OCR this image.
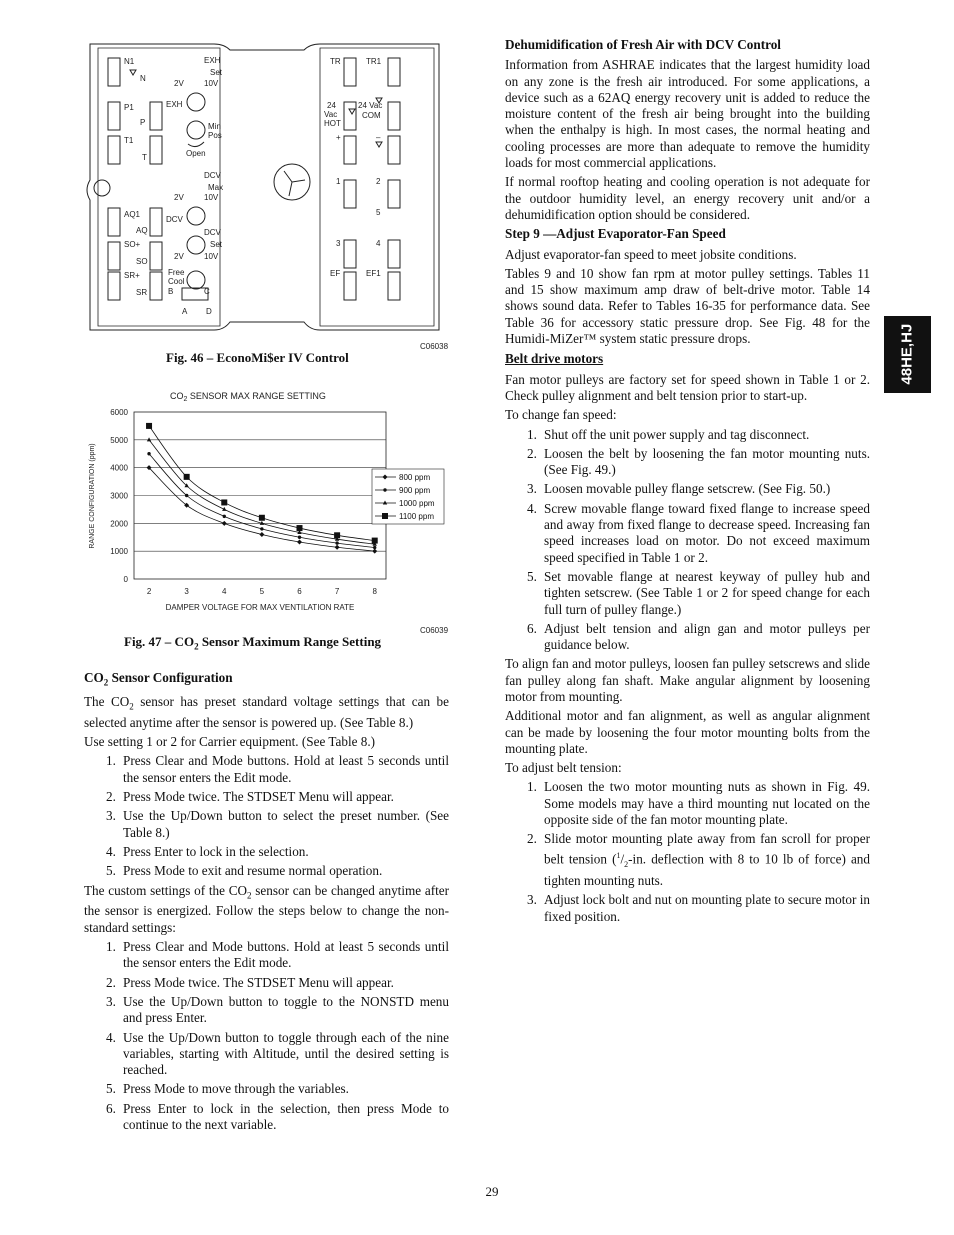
N1
N
EXH
Set
2V	10V
P1
P
EXH
Min
Pos
T1
T	Open
DCV
Max
2V	10V
AQ1
AQ
DCV
DCV
Set
SO+
SO
2V	10V
SR+
SR
Free
Cool
A
B	C
D
TR	TR1
24
Vac
HOT
24 Vac
COM
+	–
1	2
5
3	4
EF	EF1
C06038
Fig. 46 – EconoMi$er IV Control
$CO_2$ SENSOR MAX RANGE SETTING
0
1000
2000
3000
4000
5000
6000
2	3	4	5	6	7	8
DAMPER VOLTAGE FOR MAX VENTILATION RATE
RANGE CONFIGURATION (ppm)	800 ppm
900 ppm
1000 ppm
1100 ppm
C06039
Fig. $47 - CO_2$ Sensor Maximum Range Setting
$CO_2$ Sensor Configuration

The $CO_2$ sensor has preset standard voltage settings that can be selected anytime after the sensor is powered up. (See Table 8.)

Use setting 1 or 2 for Carrier equipment. (See Table 8.)

1. Press Clear and Mode buttons. Hold at least 5 seconds until the sensor enters the Edit mode.
2. Press Mode twice. The STDSET Menu will appear.
3. Use the Up/Down button to select the preset number. (See Table 8.)
4. Press Enter to lock in the selection.
5. Press Mode to exit and resume normal operation.

The custom settings of the $CO_2$ sensor can be changed anytime after the sensor is energized. Follow the steps below to change the non-standard settings:

1. Press Clear and Mode buttons. Hold at least 5 seconds until the sensor enters the Edit mode.
2. Press Mode twice. The STDSET Menu will appear.
3. Use the Up/Down button to toggle to the NONSTD menu and press Enter.
4. Use the Up/Down button to toggle through each of the nine variables, starting with Altitude, until the desired setting is reached.
5. Press Mode to move through the variables.
6. Press Enter to lock in the selection, then press Mode to continue to the next variable.
Dehumidification of Fresh Air with DCV Control

Information from ASHRAE indicates that the largest humidity load on any zone is the fresh air introduced. For some applications, a device such as a 62AQ energy recovery unit is added to reduce the moisture content of the fresh air being brought into the building when the enthalpy is high. In most cases, the normal heating and cooling processes are more than adequate to remove the humidity loads for most commercial applications.

If normal rooftop heating and cooling operation is not adequate for the outdoor humidity level, an energy recovery unit and/or a dehumidification option should be considered.

Step 9 —Adjust Evaporator-Fan Speed

Adjust evaporator-fan speed to meet jobsite conditions.

Tables 9 and 10 show fan rpm at motor pulley settings. Tables 11 and 15 show maximum amp draw of belt-drive motor. Table 14 shows sound data. Refer to Tables 16-35 for performance data. See Table 36 for accessory static pressure drop. See Fig. 48 for the Humidi-MiZer™ system static pressure drops.

Belt drive motors

Fan motor pulleys are factory set for speed shown in Table 1 or 2. Check pulley alignment and belt tension prior to start-up.

To change fan speed:

1. Shut off the unit power supply and tag disconnect.
2. Loosen the belt by loosening the fan motor mounting nuts. (See Fig. 49.)
3. Loosen movable pulley flange setscrew. (See Fig. 50.)
4. Screw movable flange toward fixed flange to increase speed and away from fixed flange to decrease speed. Increasing fan speed increases load on motor. Do not exceed maximum speed specified in Table 1 or 2.
5. Set movable flange at nearest keyway of pulley hub and tighten setscrew. (See Table 1 or 2 for speed change for each full turn of pulley flange.)
6. Adjust belt tension and align gan and motor pulleys per guidance below.

To align fan and motor pulleys, loosen fan pulley setscrews and slide fan pulley along fan shaft. Make angular alignment by loosening motor from mounting.

Additional motor and fan alignment, as well as angular alignment can be made by loosening the four motor mounting bolts from the mounting plate.

To adjust belt tension:

1. Loosen the two motor mounting nuts as shown in Fig. 49. Some models may have a third mounting nut located on the opposite side of the fan motor mounting plate.
2. Slide motor mounting plate away from fan scroll for proper belt tension ($^1/_2-in$. deflection with 8 to 10 lb of force) and tighten mounting nuts.
3. Adjust lock bolt and nut on mounting plate to secure motor in fixed position.
48HE,HJ
29
